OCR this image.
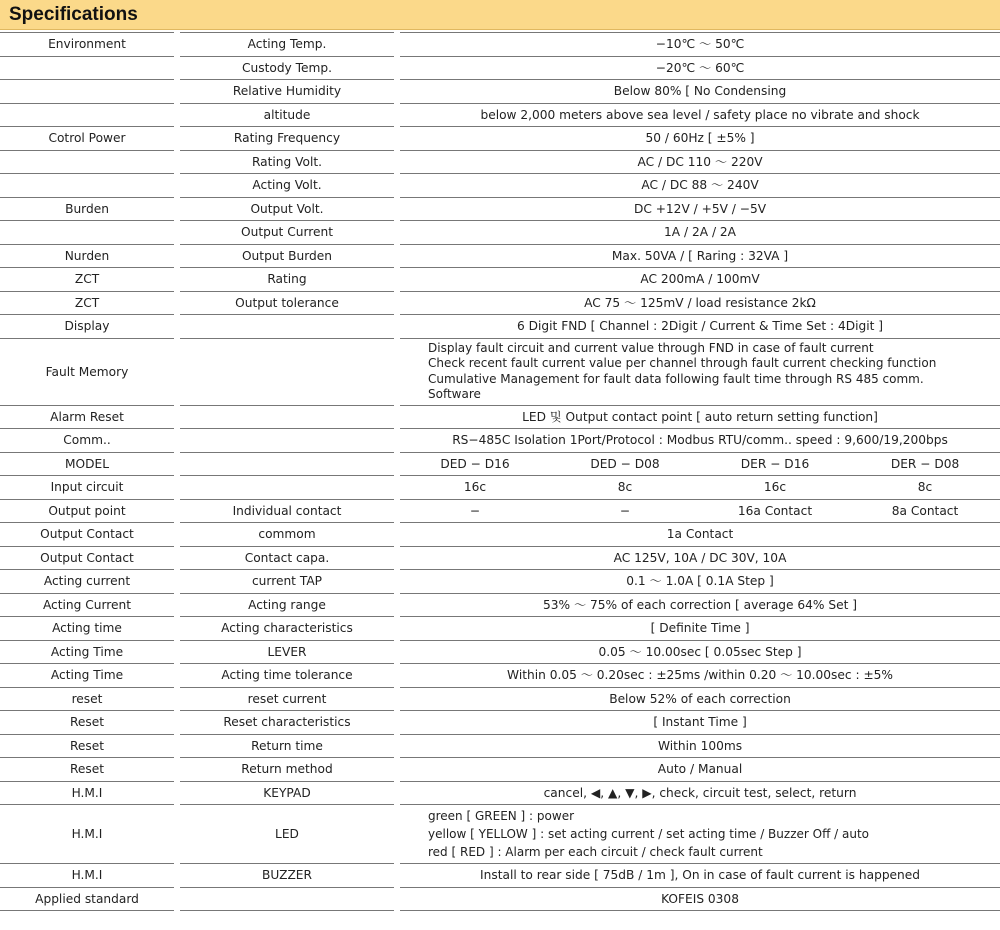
Specifications
Environment		Acting Temp.		−10℃ ～ 50℃			
		Custody Temp.		−20℃ ～ 60℃			
		Relative Humidity		Below 80% [ No Condensing			
		altitude		below 2,000 meters above sea level / safety place no vibrate and shock			
Cotrol Power		Rating Frequency		50 / 60Hz [ ±5% ]			
		Rating Volt.		AC / DC 110 ～ 220V			
		Acting Volt.		AC / DC 88 ～ 240V			
Burden		Output Volt.		DC +12V / +5V / −5V			
		Output Current		1A / 2A / 2A			
Nurden		Output Burden		Max. 50VA / [ Raring : 32VA ]			
ZCT		Rating		AC 200mA / 100mV			
ZCT		Output tolerance		AC 75 ～ 125mV / load resistance 2kΩ			
Display				6 Digit FND [ Channel : 2Digit / Current & Time Set : 4Digit ]			
Fault Memory				Display fault circuit and current value through FND in case of fault current
Check recent fault current value per channel through fault current checking function
Cumulative Management for fault data following fault time through RS 485 comm.
Software			

Alarm Reset				LED 및 Output contact point [ auto return setting function]			
Comm..				RS−485C Isolation 1Port/Protocol : Modbus RTU/comm.. speed : 9,600/19,200bps			
MODEL				DED − D16	DED − D08	DER − D16	DER − D08
Input circuit				16c	8c	16c	8c
Output point		Individual contact		−	−	16a Contact	8a Contact
Output Contact		commom		1a Contact			
Output Contact		Contact capa.		AC 125V, 10A / DC 30V, 10A			
Acting current		current TAP		0.1 ～ 1.0A [ 0.1A Step ]			
Acting Current		Acting range		53% ～ 75% of each correction [ average 64% Set ]			
Acting time		Acting characteristics		[ Definite Time ]			
Acting Time		LEVER		0.05 ～ 10.00sec [ 0.05sec Step ]			
Acting Time		Acting time tolerance		Within 0.05 ～ 0.20sec : ±25ms /within 0.20 ～ 10.00sec : ±5%			
reset		reset current		Below 52% of each correction			
Reset		Reset characteristics		[ Instant Time ]			
Reset		Return time		Within 100ms			
Reset		Return method		Auto / Manual			
H.M.I		KEYPAD		cancel, ◀, ▲, ▼, ▶, check, circuit test, select, return			
H.M.I		LED		green [ GREEN ] : power
yellow [ YELLOW ] : set acting current / set acting time / Buzzer Off / auto
red [ RED ] : Alarm per each circuit / check fault current			

H.M.I		BUZZER		Install to rear side [ 75dB / 1m ], On in case of fault current is happened			
Applied standard				KOFEIS 0308			
